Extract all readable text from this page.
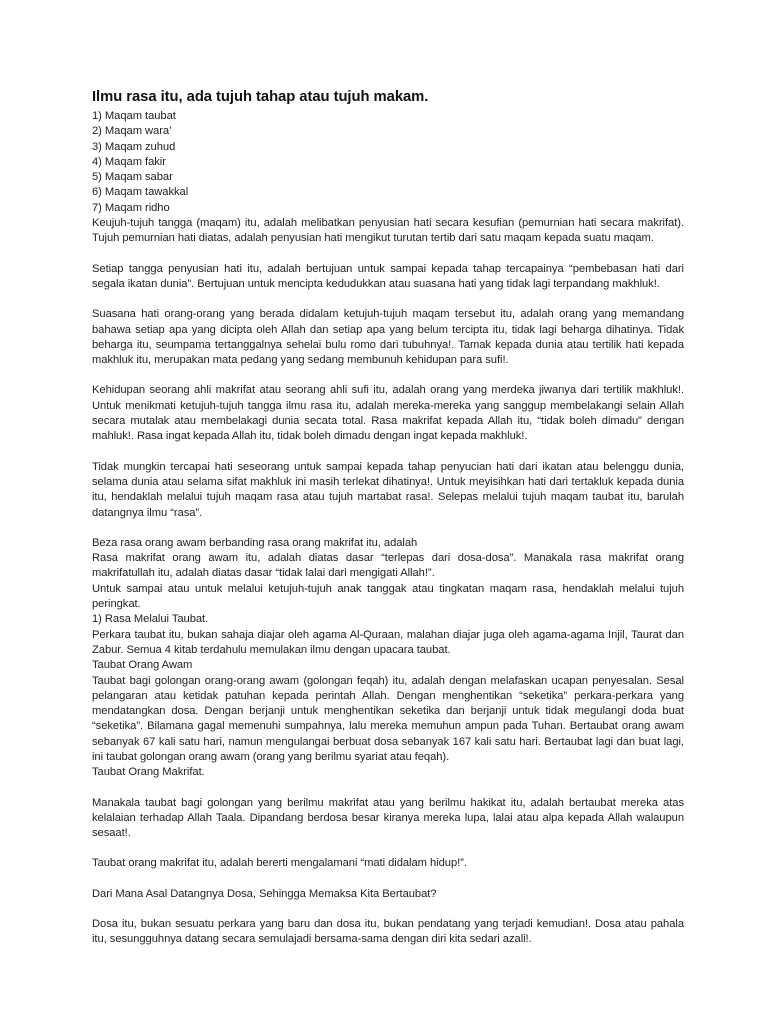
Ilmu rasa itu, ada tujuh tahap atau tujuh makam.
1) Maqam taubat
2) Maqam wara’
3) Maqam zuhud
4) Maqam fakir
5) Maqam sabar
6) Maqam tawakkal
7) Maqam ridho

Keujuh-tujuh tangga (maqam) itu, adalah melibatkan penyusian hati secara kesufian (pemurnian hati secara makrifat). Tujuh pemurnian hati diatas, adalah penyusian hati mengikut turutan tertib dari satu maqam kepada suatu maqam.

Setiap tangga penyusian hati itu, adalah bertujuan untuk sampai kepada tahap tercapainya “pembebasan hati dari segala ikatan dunia”. Bertujuan untuk mencipta kedudukkan atau suasana hati yang tidak lagi terpandang makhluk!.

Suasana hati orang-orang yang berada didalam ketujuh-tujuh maqam tersebut itu, adalah orang yang memandang bahawa setiap apa yang dicipta oleh Allah dan setiap apa yang belum tercipta itu, tidak lagi beharga dihatinya. Tidak beharga itu, seumpama tertanggalnya sehelai bulu romo dari tubuhnya!. Tamak kepada dunia atau tertilik hati kepada makhluk itu, merupakan mata pedang yang sedang membunuh kehidupan para sufi!.

Kehidupan seorang ahli makrifat atau seorang ahli sufi itu, adalah orang yang merdeka jiwanya dari tertilik makhluk!. Untuk menikmati ketujuh-tujuh tangga ilmu rasa itu, adalah mereka-mereka yang sanggup membelakangi selain Allah secara mutalak atau membelakagi dunia secata total. Rasa makrifat kepada Allah itu, “tidak boleh dimadu” dengan mahluk!. Rasa ingat kepada Allah itu, tidak boleh dimadu dengan ingat kepada makhluk!.

Tidak mungkin tercapai hati seseorang untuk sampai kepada tahap penyucian hati dari ikatan atau belenggu dunia, selama dunia atau selama sifat makhluk ini masih terlekat dihatinya!. Untuk meyisihkan hati dari tertakluk kepada dunia itu, hendaklah melalui tujuh maqam rasa atau tujuh martabat rasa!. Selepas melalui tujuh maqam taubat itu, barulah datangnya ilmu “rasa”.

Beza rasa orang awam berbanding rasa orang makrifat itu, adalah

Rasa makrifat orang awam itu, adalah diatas dasar “terlepas dari dosa-dosa”. Manakala rasa makrifat orang makrifatullah itu, adalah diatas dasar “tidak lalai dari mengigati Allah!”.

Untuk sampai atau untuk melalui ketujuh-tujuh anak tanggak atau tingkatan maqam rasa, hendaklah melalui tujuh peringkat.

1) Rasa Melalui Taubat.

Perkara taubat itu, bukan sahaja diajar oleh agama Al-Quraan, malahan diajar juga oleh agama-agama Injil, Taurat dan Zabur. Semua 4 kitab terdahulu memulakan ilmu dengan upacara taubat.

Taubat Orang Awam

Taubat bagi golongan orang-orang awam (golongan feqah) itu, adalah dengan melafaskan ucapan penyesalan. Sesal pelangaran atau ketidak patuhan kepada perintah Allah. Dengan menghentikan “seketika” perkara-perkara yang mendatangkan dosa. Dengan berjanji untuk menghentikan seketika dan berjanji untuk tidak megulangi doda buat “seketika”. Bilamana gagal memenuhi sumpahnya, lalu mereka memuhun ampun pada Tuhan. Bertaubat orang awam sebanyak 67 kali satu hari, namun mengulangai berbuat dosa sebanyak 167 kali satu hari. Bertaubat lagi dan buat lagi, ini taubat golongan orang awam (orang yang berilmu syariat atau feqah).

Taubat Orang Makrifat.

Manakala taubat bagi golongan yang berilmu makrifat atau yang berilmu hakikat itu, adalah bertaubat mereka atas kelalaian terhadap Allah Taala. Dipandang berdosa besar kiranya mereka lupa, lalai atau alpa kepada Allah walaupun sesaat!.

Taubat orang makrifat itu, adalah bererti mengalamani “mati didalam hidup!”.

Dari Mana Asal Datangnya Dosa, Sehingga Memaksa Kita Bertaubat?

Dosa itu, bukan sesuatu perkara yang baru dan dosa itu, bukan pendatang yang terjadi kemudian!. Dosa atau pahala itu, sesungguhnya datang secara semulajadi bersama-sama dengan diri kita sedari azali!.
